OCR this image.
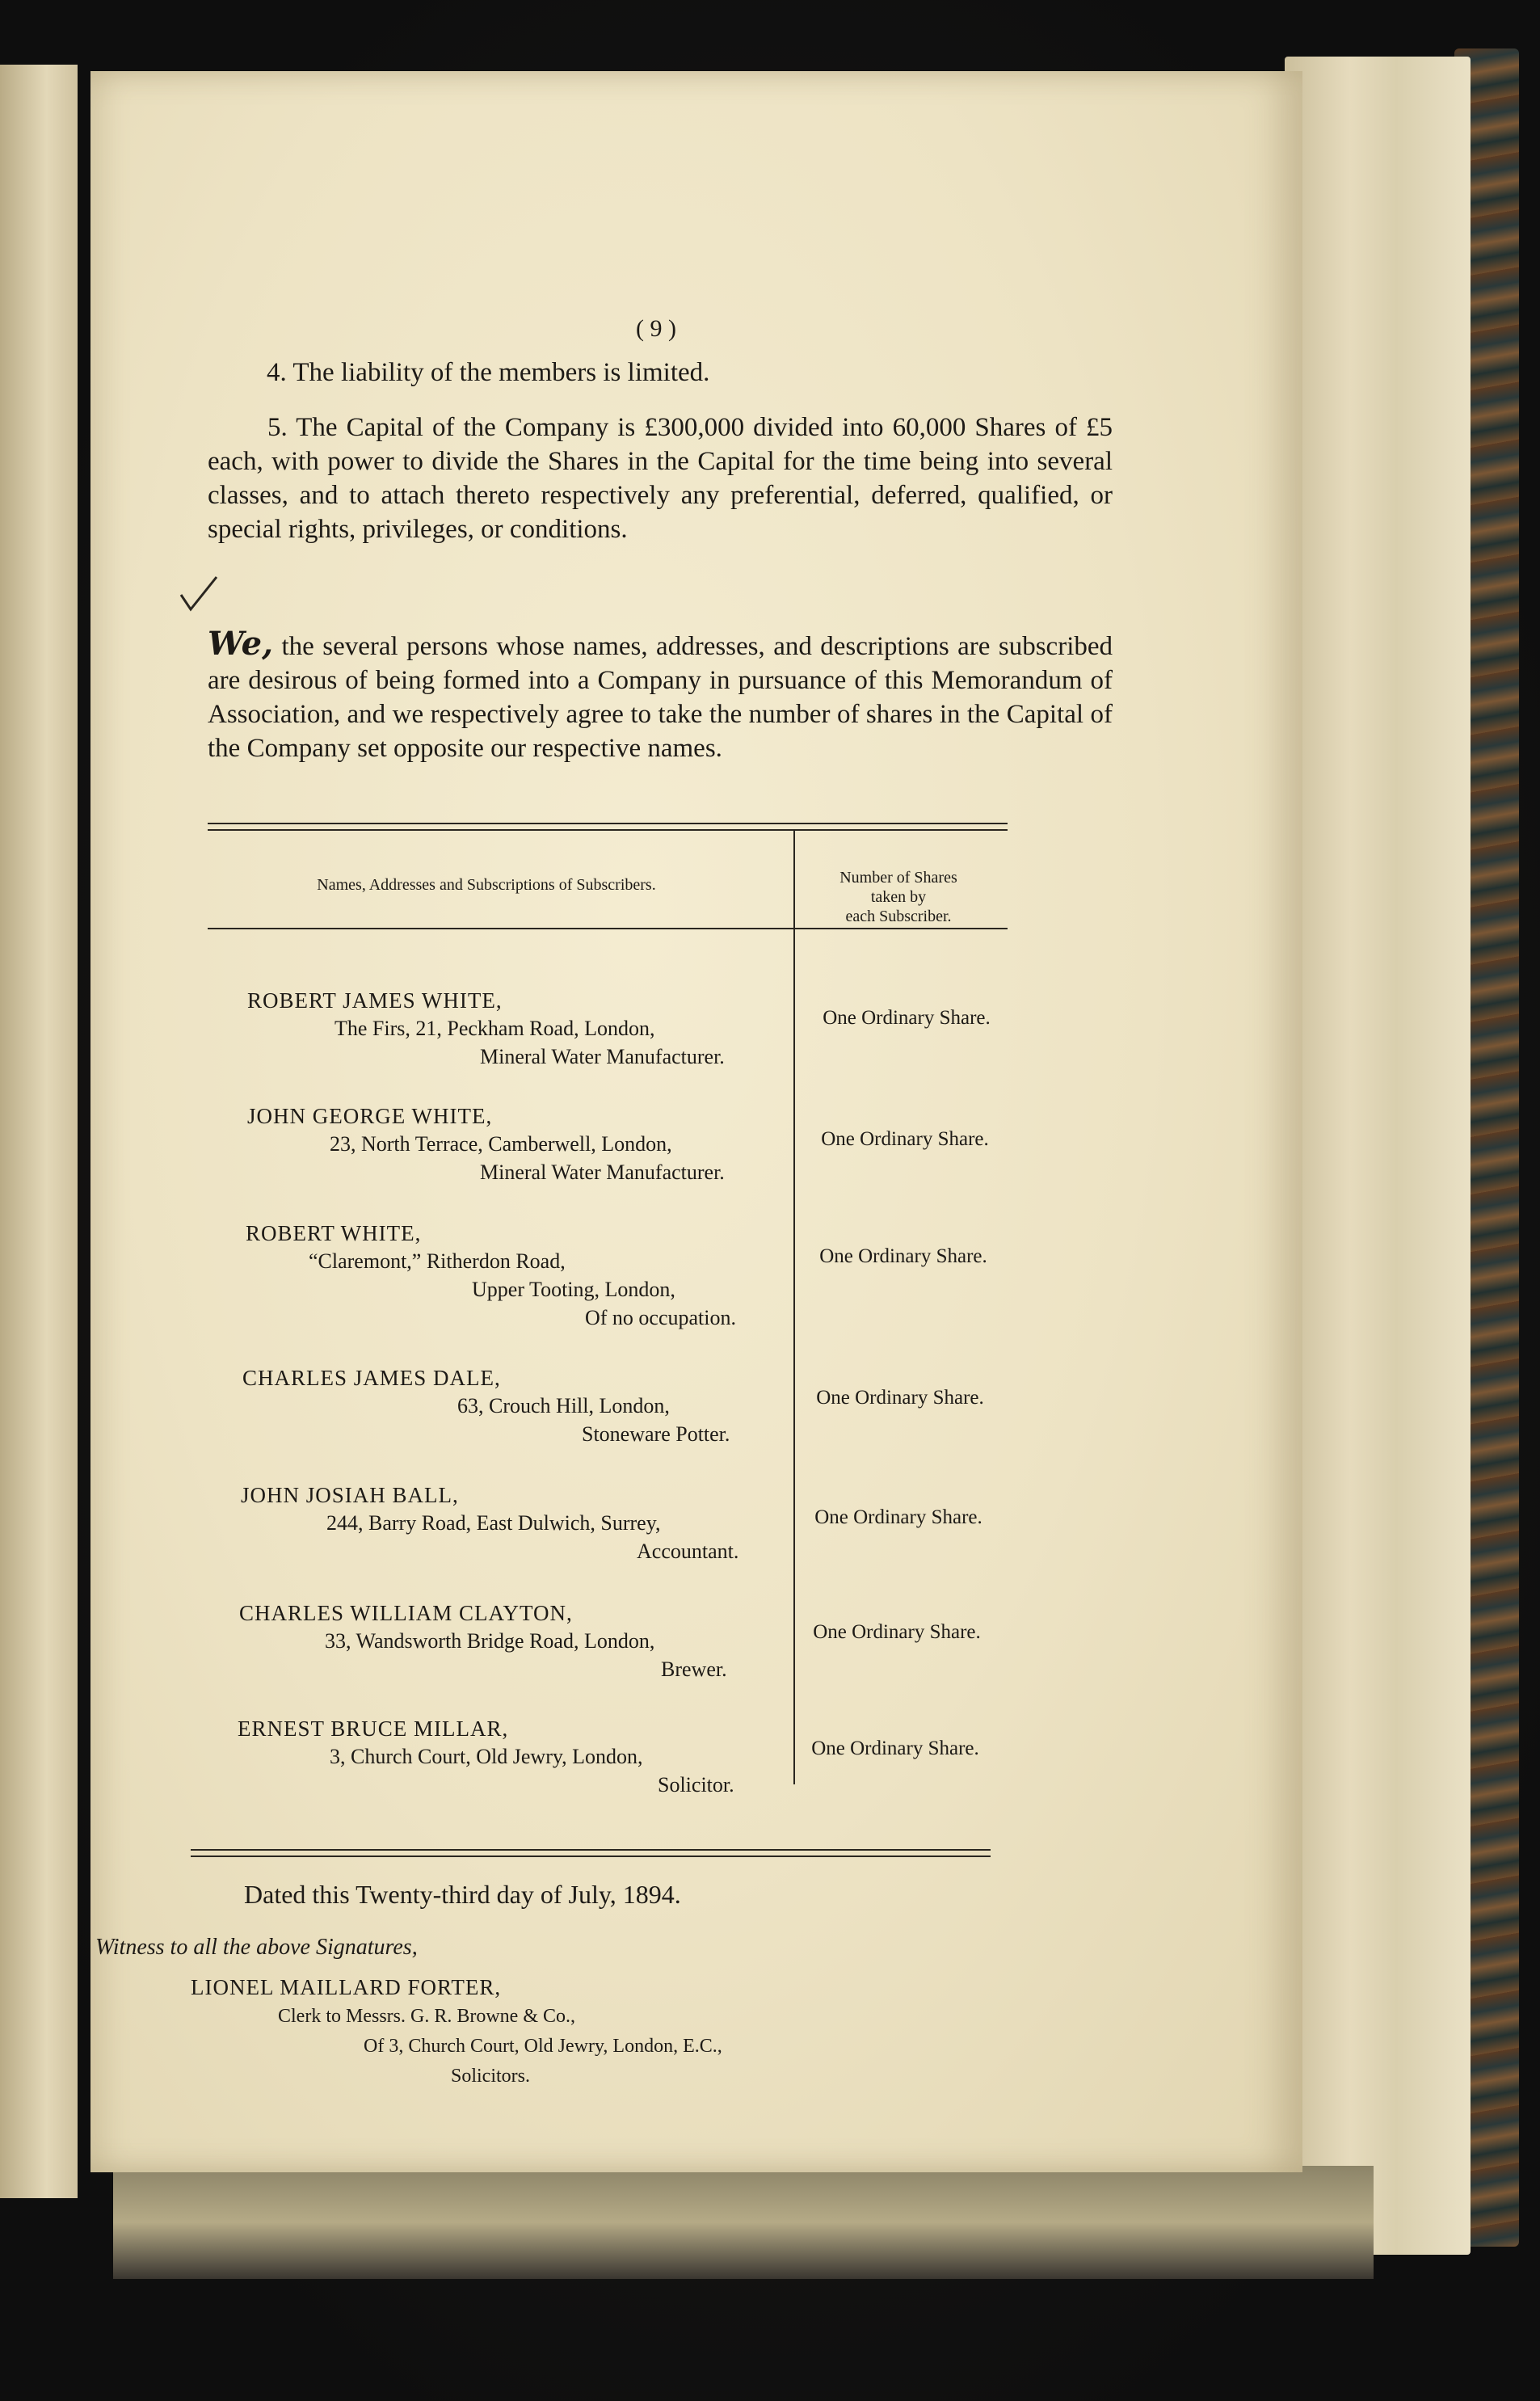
( 9 )
4. The liability of the members is limited.

5. The Capital of the Company is £300,000 divided into 60,000 Shares of £5 each, with power to divide the Shares in the Capital for the time being into several classes, and to attach thereto respectively any preferential, deferred, qualified, or special rights, privileges, or conditions.

We, the several persons whose names, addresses, and descriptions are subscribed are desirous of being formed into a Company in pursuance of this Memorandum of Association, and we respectively agree to take the number of shares in the Capital of the Company set opposite our respective names.

Names, Addresses and Subscriptions of Subscribers.	Number of Shares
taken by
each Subscriber.
ROBERT JAMES WHITE,
The Firs, 21, Peckham Road, London,
Mineral Water Manufacturer.
One Ordinary Share.
JOHN GEORGE WHITE,
23, North Terrace, Camberwell, London,
Mineral Water Manufacturer.
One Ordinary Share.
ROBERT WHITE,
“Claremont,” Ritherdon Road,
Upper Tooting, London,
Of no occupation.
One Ordinary Share.
CHARLES JAMES DALE,
63, Crouch Hill, London,
Stoneware Potter.
One Ordinary Share.
JOHN JOSIAH BALL,
244, Barry Road, East Dulwich, Surrey,
Accountant.
One Ordinary Share.
CHARLES WILLIAM CLAYTON,
33, Wandsworth Bridge Road, London,
Brewer.
One Ordinary Share.
ERNEST BRUCE MILLAR,
3, Church Court, Old Jewry, London,
Solicitor.
One Ordinary Share.
Dated this Twenty-third day of July, 1894.
Witness to all the above Signatures,
LIONEL MAILLARD FORTER,
Clerk to Messrs. G. R. Browne & Co.,
Of 3, Church Court, Old Jewry, London, E.C.,
Solicitors.
